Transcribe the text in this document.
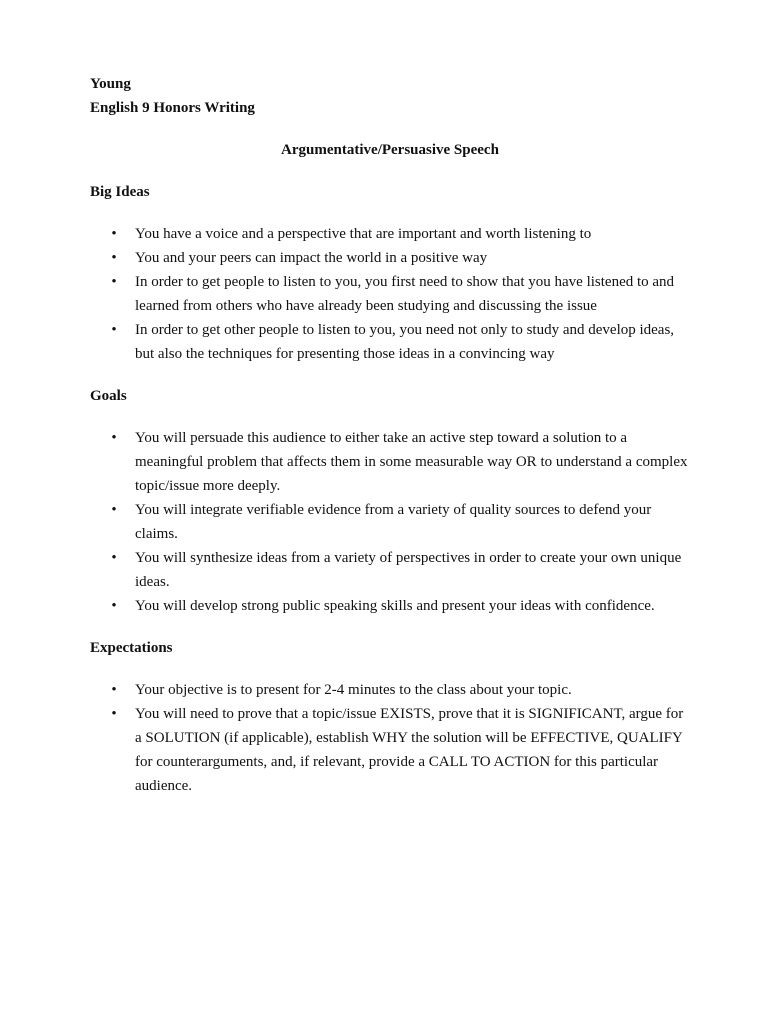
Young
English 9 Honors Writing
Argumentative/Persuasive Speech
Big Ideas
• You have a voice and a perspective that are important and worth listening to
• You and your peers can impact the world in a positive way
• In order to get people to listen to you, you first need to show that you have listened to and learned from others who have already been studying and discussing the issue
• In order to get other people to listen to you, you need not only to study and develop ideas, but also the techniques for presenting those ideas in a convincing way
Goals
• You will persuade this audience to either take an active step toward a solution to a meaningful problem that affects them in some measurable way OR to understand a complex topic/issue more deeply.
• You will integrate verifiable evidence from a variety of quality sources to defend your claims.
• You will synthesize ideas from a variety of perspectives in order to create your own unique ideas.
• You will develop strong public speaking skills and present your ideas with confidence.
Expectations
• Your objective is to present for 2-4 minutes to the class about your topic.
• You will need to prove that a topic/issue EXISTS, prove that it is SIGNIFICANT, argue for a SOLUTION (if applicable), establish WHY the solution will be EFFECTIVE, QUALIFY for counterarguments, and, if relevant, provide a CALL TO ACTION for this particular audience.
